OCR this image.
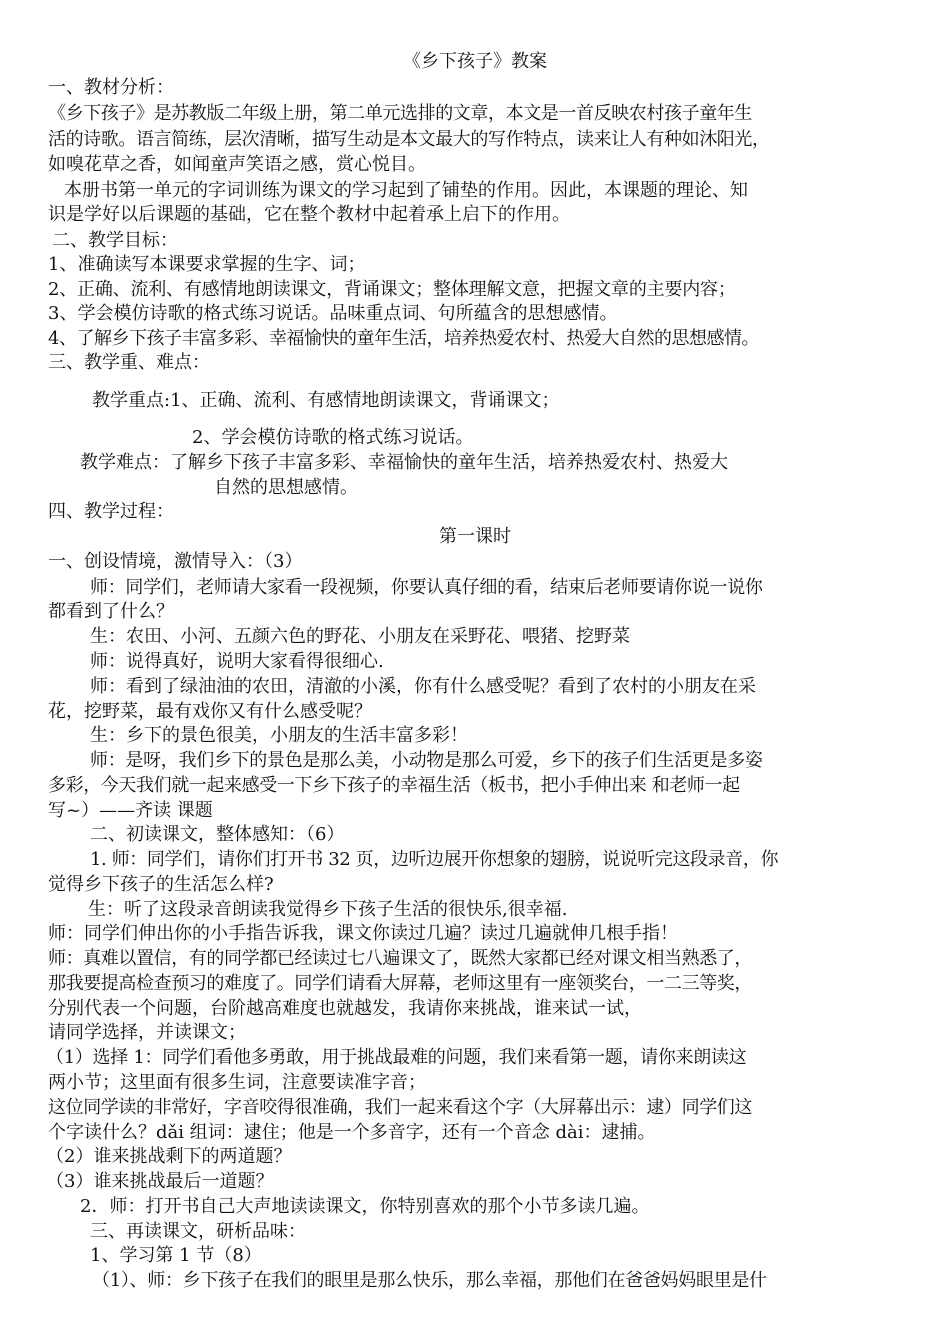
《乡下孩子》教案
一、教材分析：
《乡下孩子》是苏教版二年级上册，第二单元选排的文章，本文是一首反映农村孩子童年生
活的诗歌。语言简练，层次清晰，描写生动是本文最大的写作特点，读来让人有种如沐阳光，
如嗅花草之香，如闻童声笑语之感，赏心悦目。
本册书第一单元的字词训练为课文的学习起到了铺垫的作用。因此，本课题的理论、知
识是学好以后课题的基础，它在整个教材中起着承上启下的作用。
二、教学目标：
1、准确读写本课要求掌握的生字、词；
2、正确、流利、有感情地朗读课文，背诵课文；整体理解文意，把握文章的主要内容；
3、学会模仿诗歌的格式练习说话。品味重点词、句所蕴含的思想感情。
4、了解乡下孩子丰富多彩、幸福愉快的童年生活，培养热爱农村、热爱大自然的思想感情。
三、教学重、难点：
教学重点:1、正确、流利、有感情地朗读课文，背诵课文；
2、学会模仿诗歌的格式练习说话。
教学难点：了解乡下孩子丰富多彩、幸福愉快的童年生活，培养热爱农村、热爱大
自然的思想感情。
四、教学过程：
第一课时
一、创设情境，激情导入：（3）
师：同学们，老师请大家看一段视频，你要认真仔细的看，结束后老师要请你说一说你
都看到了什么？
生：农田、小河、五颜六色的野花、小朋友在采野花、喂猪、挖野菜
师：说得真好，说明大家看得很细心.
师：看到了绿油油的农田，清澈的小溪，你有什么感受呢？看到了农村的小朋友在采
花，挖野菜，最有戏你又有什么感受呢？
生：乡下的景色很美，小朋友的生活丰富多彩！
师：是呀，我们乡下的景色是那么美，小动物是那么可爱，乡下的孩子们生活更是多姿
多彩，今天我们就一起来感受一下乡下孩子的幸福生活（板书，把小手伸出来 和老师一起
写~）——齐读 课题
二、初读课文，整体感知：（6）
1. 师：同学们，请你们打开书 32 页，边听边展开你想象的翅膀，说说听完这段录音，你
觉得乡下孩子的生活怎么样?
生：听了这段录音朗读我觉得乡下孩子生活的很快乐,很幸福.
师：同学们伸出你的小手指告诉我，课文你读过几遍？读过几遍就伸几根手指！
师：真难以置信，有的同学都已经读过七八遍课文了，既然大家都已经对课文相当熟悉了，
那我要提高检查预习的难度了。同学们请看大屏幕，老师这里有一座领奖台，一二三等奖，
分别代表一个问题，台阶越高难度也就越发，我请你来挑战，谁来试一试，
请同学选择，并读课文；
（1）选择 1：同学们看他多勇敢，用于挑战最难的问题，我们来看第一题，请你来朗读这
两小节；这里面有很多生词，注意要读准字音；
这位同学读的非常好，字音咬得很准确，我们一起来看这个字（大屏幕出示：逮）同学们这
个字读什么？dǎi 组词：逮住；他是一个多音字，还有一个音念 dài：逮捕。
（2）谁来挑战剩下的两道题？
（3）谁来挑战最后一道题？
2．师：打开书自己大声地读读课文，你特别喜欢的那个小节多读几遍。
三、再读课文，研析品味：
1、学习第 1 节（8）
（1）、师：乡下孩子在我们的眼里是那么快乐，那么幸福，那他们在爸爸妈妈眼里是什
